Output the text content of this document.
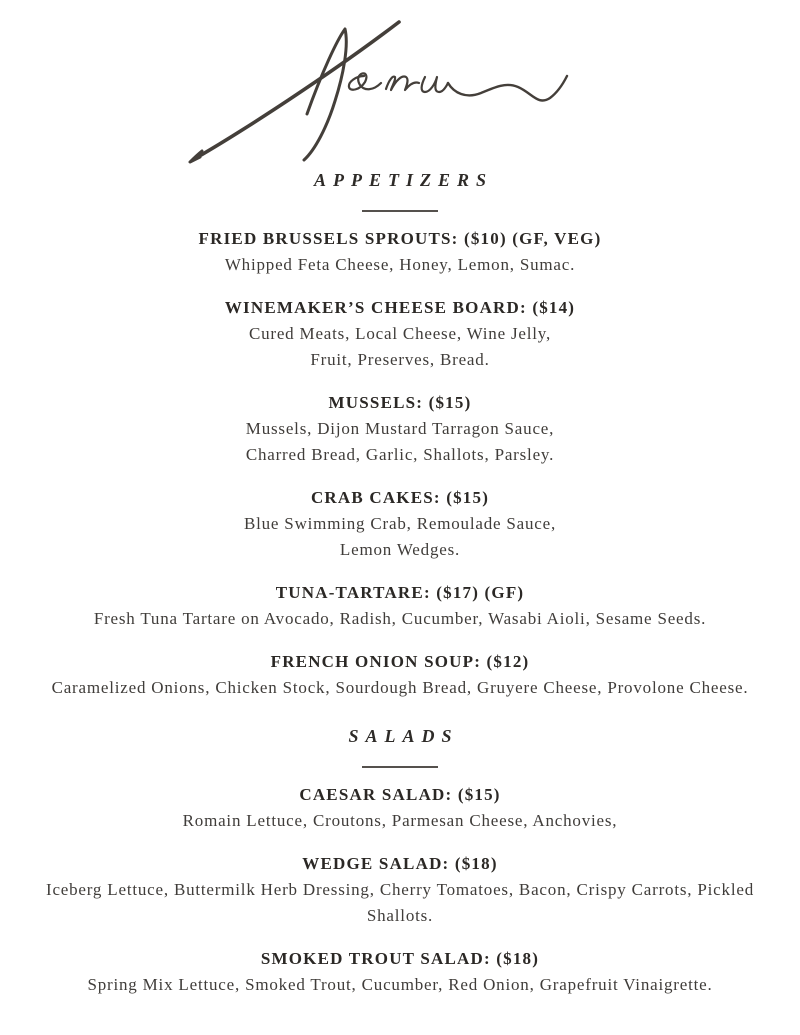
APPETIZERS
FRIED BRUSSELS SPROUTS: ($10) (GF, VEG)
Whipped Feta Cheese, Honey, Lemon, Sumac.
WINEMAKER’S CHEESE BOARD: ($14)
Cured Meats, Local Cheese, Wine Jelly,
Fruit, Preserves, Bread.
MUSSELS: ($15)
Mussels, Dijon Mustard Tarragon Sauce,
Charred Bread, Garlic, Shallots, Parsley.
CRAB CAKES: ($15)
Blue Swimming Crab, Remoulade Sauce,
Lemon Wedges.
TUNA-TARTARE: ($17) (GF)
Fresh Tuna Tartare on Avocado, Radish, Cucumber, Wasabi Aioli, Sesame Seeds.
FRENCH ONION SOUP: ($12)
Caramelized Onions, Chicken Stock, Sourdough Bread, Gruyere Cheese, Provolone Cheese.
SALADS
CAESAR SALAD: ($15)
Romain Lettuce, Croutons, Parmesan Cheese, Anchovies,
WEDGE SALAD: ($18)
Iceberg Lettuce, Buttermilk Herb Dressing, Cherry Tomatoes, Bacon, Crispy Carrots, Pickled
Shallots.
SMOKED TROUT SALAD: ($18)
Spring Mix Lettuce, Smoked Trout, Cucumber, Red Onion, Grapefruit Vinaigrette.
